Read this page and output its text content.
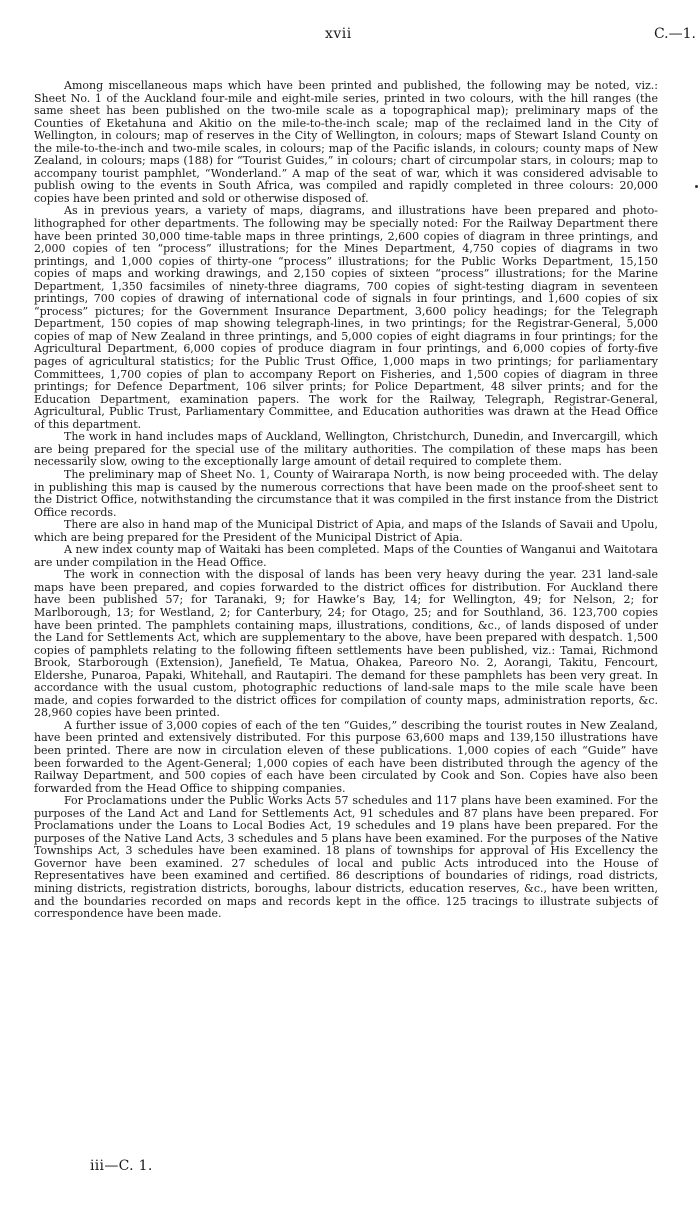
xvii	C.—1.

Among miscellaneous maps which have been printed and published, the following may be noted, viz.: Sheet No. 1 of the Auckland four-mile and eight-mile series, printed in two colours, with the hill ranges (the same sheet has been published on the two-mile scale as a topographical map); preliminary maps of the Counties of Eketahuna and Akitio on the mile-to-the-inch scale; map of the reclaimed land in the City of Wellington, in colours; map of reserves in the City of Wellington, in colours; maps of Stewart Island County on the mile-to-the-inch and two-mile scales, in colours; map of the Pacific islands, in colours; county maps of New Zealand, in colours; maps (188) for “Tourist Guides,” in colours; chart of circumpolar stars, in colours; map to accompany tourist pamphlet, “Wonderland.” A map of the seat of war, which it was considered advisable to publish owing to the events in South Africa, was compiled and rapidly completed in three colours: 20,000 copies have been printed and sold or otherwise disposed of.

As in previous years, a variety of maps, diagrams, and illustrations have been prepared and photo-lithographed for other departments. The following may be specially noted: For the Railway Department there have been printed 30,000 time-table maps in three printings, 2,600 copies of diagram in three printings, and 2,000 copies of ten “process” illustrations; for the Mines Department, 4,750 copies of diagrams in two printings, and 1,000 copies of thirty-one “process” illustrations; for the Public Works Department, 15,150 copies of maps and working drawings, and 2,150 copies of sixteen “process” illustrations; for the Marine Department, 1,350 facsimiles of ninety-three diagrams, 700 copies of sight-testing diagram in seventeen printings, 700 copies of drawing of international code of signals in four printings, and 1,600 copies of six “process” pictures; for the Government Insurance Department, 3,600 policy headings; for the Telegraph Department, 150 copies of map showing telegraph-lines, in two printings; for the Registrar-General, 5,000 copies of map of New Zealand in three printings, and 5,000 copies of eight diagrams in four printings; for the Agricultural Department, 6,000 copies of produce diagram in four printings, and 6,000 copies of forty-five pages of agricultural statistics; for the Public Trust Office, 1,000 maps in two printings; for parliamentary Committees, 1,700 copies of plan to accompany Report on Fisheries, and 1,500 copies of diagram in three printings; for Defence Department, 106 silver prints; for Police Department, 48 silver prints; and for the Education Department, examination papers. The work for the Railway, Telegraph, Registrar-General, Agricultural, Public Trust, Parliamentary Committee, and Education authorities was drawn at the Head Office of this department.

The work in hand includes maps of Auckland, Wellington, Christchurch, Dunedin, and Invercargill, which are being prepared for the special use of the military authorities. The compilation of these maps has been necessarily slow, owing to the exceptionally large amount of detail required to complete them.

The preliminary map of Sheet No. 1, County of Wairarapa North, is now being proceeded with. The delay in publishing this map is caused by the numerous corrections that have been made on the proof-sheet sent to the District Office, notwithstanding the circumstance that it was compiled in the first instance from the District Office records.

There are also in hand map of the Municipal District of Apia, and maps of the Islands of Savaii and Upolu, which are being prepared for the President of the Municipal District of Apia.

A new index county map of Waitaki has been completed. Maps of the Counties of Wanganui and Waitotara are under compilation in the Head Office.

The work in connection with the disposal of lands has been very heavy during the year. 231 land-sale maps have been prepared, and copies forwarded to the district offices for distribution. For Auckland there have been published 57; for Taranaki, 9; for Hawke’s Bay, 14; for Wellington, 49; for Nelson, 2; for Marlborough, 13; for Westland, 2; for Canterbury, 24; for Otago, 25; and for Southland, 36. 123,700 copies have been printed. The pamphlets containing maps, illustrations, conditions, &c., of lands disposed of under the Land for Settlements Act, which are supplementary to the above, have been prepared with despatch. 1,500 copies of pamphlets relating to the following fifteen settlements have been published, viz.: Tamai, Richmond Brook, Starborough (Extension), Janefield, Te Matua, Ohakea, Pareoro No. 2, Aorangi, Takitu, Fencourt, Eldershe, Punaroa, Papaki, Whitehall, and Rautapiri. The demand for these pamphlets has been very great. In accordance with the usual custom, photographic reductions of land-sale maps to the mile scale have been made, and copies forwarded to the district offices for compilation of county maps, administration reports, &c. 28,960 copies have been printed.

A further issue of 3,000 copies of each of the ten “Guides,” describing the tourist routes in New Zealand, have been printed and extensively distributed. For this purpose 63,600 maps and 139,150 illustrations have been printed. There are now in circulation eleven of these publications. 1,000 copies of each “Guide” have been forwarded to the Agent-General; 1,000 copies of each have been distributed through the agency of the Railway Department, and 500 copies of each have been circulated by Cook and Son. Copies have also been forwarded from the Head Office to shipping companies.

For Proclamations under the Public Works Acts 57 schedules and 117 plans have been examined. For the purposes of the Land Act and Land for Settlements Act, 91 schedules and 87 plans have been prepared. For Proclamations under the Loans to Local Bodies Act, 19 schedules and 19 plans have been prepared. For the purposes of the Native Land Acts, 3 schedules and 5 plans have been examined. For the purposes of the Native Townships Act, 3 schedules have been examined. 18 plans of townships for approval of His Excellency the Governor have been examined. 27 schedules of local and public Acts introduced into the House of Representatives have been examined and certified. 86 descriptions of boundaries of ridings, road districts, mining districts, registration districts, boroughs, labour districts, education reserves, &c., have been written, and the boundaries recorded on maps and records kept in the office. 125 tracings to illustrate subjects of correspondence have been made.

iii—C. 1.
